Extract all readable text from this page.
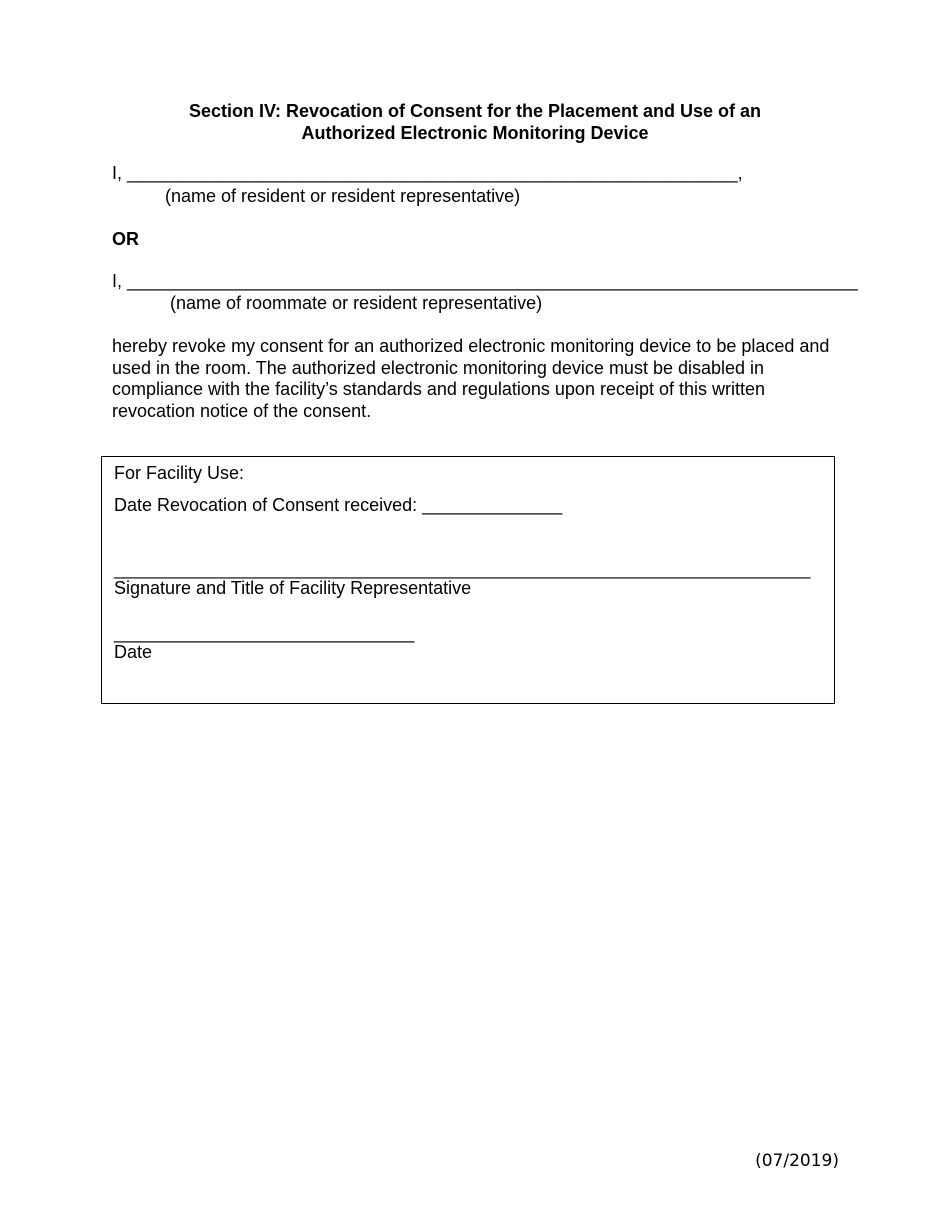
Section IV: Revocation of Consent for the Placement and Use of an
Authorized Electronic Monitoring Device
I, _____________________________________________________________,
(name of resident or resident representative)
OR
I, _________________________________________________________________________
(name of roommate or resident representative)
hereby revoke my consent for an authorized electronic monitoring device to be placed and used in the room. The authorized electronic monitoring device must be disabled in compliance with the facility’s standards and regulations upon receipt of this written revocation notice of the consent.
For Facility Use:
Date Revocation of Consent received: ______________
________________________________________________________________________
Signature and Title of Facility Representative
______________________________
Date
(07/2019)
